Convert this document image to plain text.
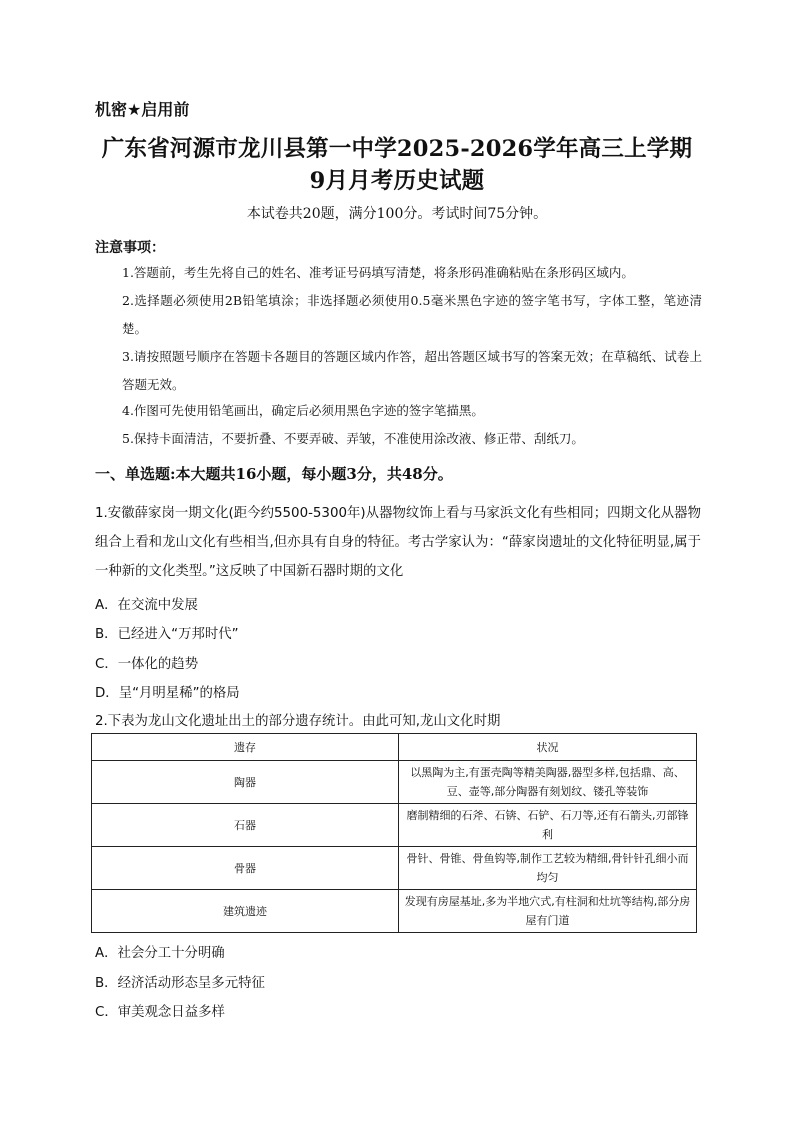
机密★启用前
广东省河源市龙川县第一中学2025-2026学年高三上学期
9月月考历史试题
本试卷共20题，满分100分。考试时间75分钟。
注意事项：
1.答题前，考生先将自己的姓名、准考证号码填写清楚，将条形码准确粘贴在条形码区域内。
2.选择题必须使用2B铅笔填涂；非选择题必须使用0.5毫米黑色字迹的签字笔书写，字体工整，笔迹清楚。
3.请按照题号顺序在答题卡各题目的答题区域内作答，超出答题区域书写的答案无效；在草稿纸、试卷上答题无效。
4.作图可先使用铅笔画出，确定后必须用黑色字迹的签字笔描黑。
5.保持卡面清洁，不要折叠、不要弄破、弄皱，不准使用涂改液、修正带、刮纸刀。
一、单选题:本大题共16小题，每小题3分，共48分。
1.安徽薛家岗一期文化(距今约5500-5300年)从器物纹饰上看与马家浜文化有些相同；四期文化从器物组合上看和龙山文化有些相当,但亦具有自身的特征。考古学家认为：“薛家岗遗址的文化特征明显,属于一种新的文化类型。”这反映了中国新石器时期的文化
A．在交流中发展
B．已经进入“万邦时代”
C．一体化的趋势
D．呈“月明星稀”的格局
2.下表为龙山文化遗址出土的部分遗存统计。由此可知,龙山文化时期
遗存	状况
陶器	以黑陶为主,有蛋壳陶等精美陶器,器型多样,包括鼎、高、豆、壶等,部分陶器有刻划纹、镂孔等装饰
石器	磨制精细的石斧、石锛、石铲、石刀等,还有石箭头,刃部锋利
骨器	骨针、骨锥、骨鱼钩等,制作工艺较为精细,骨针针孔细小而均匀
建筑遗迹	发现有房屋基址,多为半地穴式,有柱洞和灶坑等结构,部分房屋有门道
A．社会分工十分明确
B．经济活动形态呈多元特征
C．审美观念日益多样
